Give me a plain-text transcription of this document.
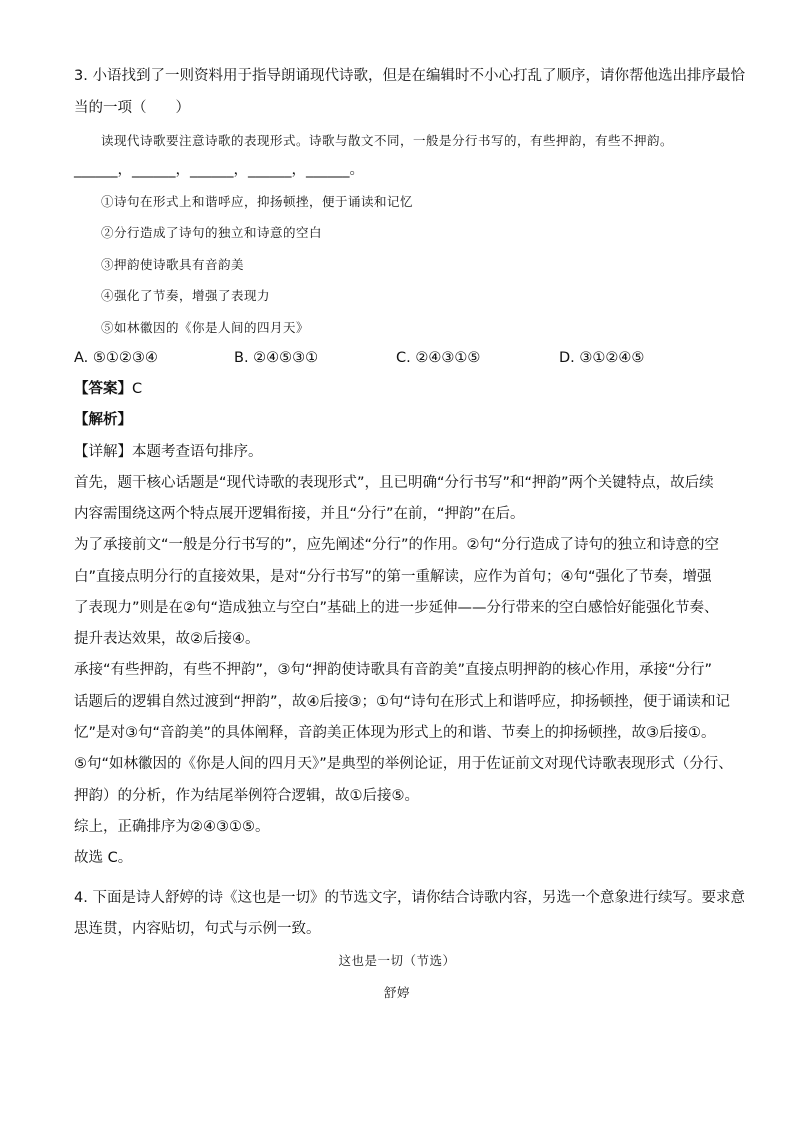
3. 小语找到了一则资料用于指导朗诵现代诗歌，但是在编辑时不小心打乱了顺序，请你帮他选出排序最恰
当的一项（　　）
读现代诗歌要注意诗歌的表现形式。诗歌与散文不同，一般是分行书写的，有些押韵，有些不押韵。
______，______，______，______，______。
①诗句在形式上和谐呼应，抑扬顿挫，便于诵读和记忆
②分行造成了诗句的独立和诗意的空白
③押韵使诗歌具有音韵美
④强化了节奏，增强了表现力
⑤如林徽因的《你是人间的四月天》
A. ⑤①②③④	B. ②④⑤③①	C. ②④③①⑤	D. ③①②④⑤
【答案】C
【解析】
【详解】本题考查语句排序。
首先，题干核心话题是“现代诗歌的表现形式”，且已明确“分行书写”和“押韵”两个关键特点，故后续
内容需围绕这两个特点展开逻辑衔接，并且“分行”在前，“押韵”在后。
为了承接前文“一般是分行书写的”，应先阐述“分行”的作用。②句“分行造成了诗句的独立和诗意的空
白”直接点明分行的直接效果，是对“分行书写”的第一重解读，应作为首句；④句“强化了节奏，增强
了表现力”则是在②句“造成独立与空白”基础上的进一步延伸——分行带来的空白感恰好能强化节奏、
提升表达效果，故②后接④。
承接“有些押韵，有些不押韵”，③句“押韵使诗歌具有音韵美”直接点明押韵的核心作用，承接“分行”
话题后的逻辑自然过渡到“押韵”，故④后接③；①句“诗句在形式上和谐呼应，抑扬顿挫，便于诵读和记
忆”是对③句“音韵美”的具体阐释，音韵美正体现为形式上的和谐、节奏上的抑扬顿挫，故③后接①。
⑤句“如林徽因的《你是人间的四月天》”是典型的举例论证，用于佐证前文对现代诗歌表现形式（分行、
押韵）的分析，作为结尾举例符合逻辑，故①后接⑤。
综上，正确排序为②④③①⑤。
故选 C。
4. 下面是诗人舒婷的诗《这也是一切》的节选文字，请你结合诗歌内容，另选一个意象进行续写。要求意
思连贯，内容贴切，句式与示例一致。
这也是一切（节选）
舒婷
